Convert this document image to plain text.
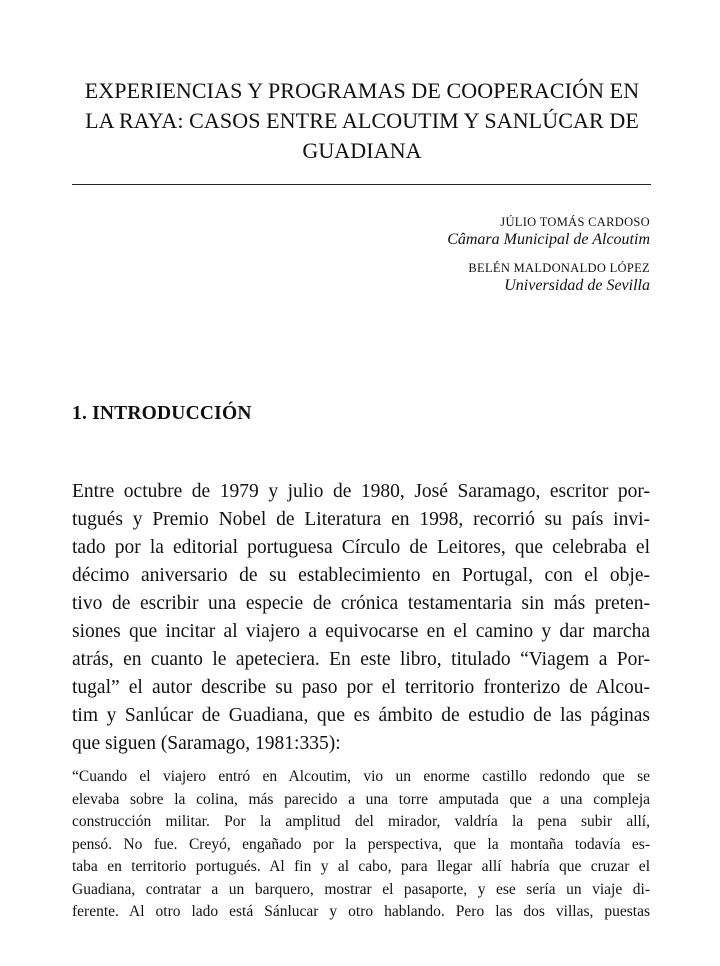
EXPERIENCIAS Y PROGRAMAS DE COOPERACIÓN EN
LA RAYA: CASOS ENTRE ALCOUTIM Y SANLÚCAR DE
GUADIANA
JÚLIO TOMÁS CARDOSO
Câmara Municipal de Alcoutim
BELÉN MALDONALDO LÓPEZ
Universidad de Sevilla
1. INTRODUCCIÓN

Entre octubre de 1979 y julio de 1980, José Saramago, escritor por-
tugués y Premio Nobel de Literatura en 1998, recorrió su país invi-
tado por la editorial portuguesa Círculo de Leitores, que celebraba el
décimo aniversario de su establecimiento en Portugal, con el obje-
tivo de escribir una especie de crónica testamentaria sin más preten-
siones que incitar al viajero a equivocarse en el camino y dar marcha
atrás, en cuanto le apeteciera. En este libro, titulado “Viagem a Por-
tugal” el autor describe su paso por el territorio fronterizo de Alcou-
tim y Sanlúcar de Guadiana, que es ámbito de estudio de las páginas
que siguen (Saramago, 1981:335):

“Cuando el viajero entró en Alcoutim, vio un enorme castillo redondo que se
elevaba sobre la colina, más parecido a una torre amputada que a una compleja
construcción militar. Por la amplitud del mirador, valdría la pena subir allí,
pensó. No fue. Creyó, engañado por la perspectiva, que la montaña todavía es-
taba en territorio portugués. Al fin y al cabo, para llegar allí habría que cruzar el
Guadiana, contratar a un barquero, mostrar el pasaporte, y ese sería un viaje di-
ferente. Al otro lado está Sánlucar y otro hablando. Pero las dos villas, puestas
